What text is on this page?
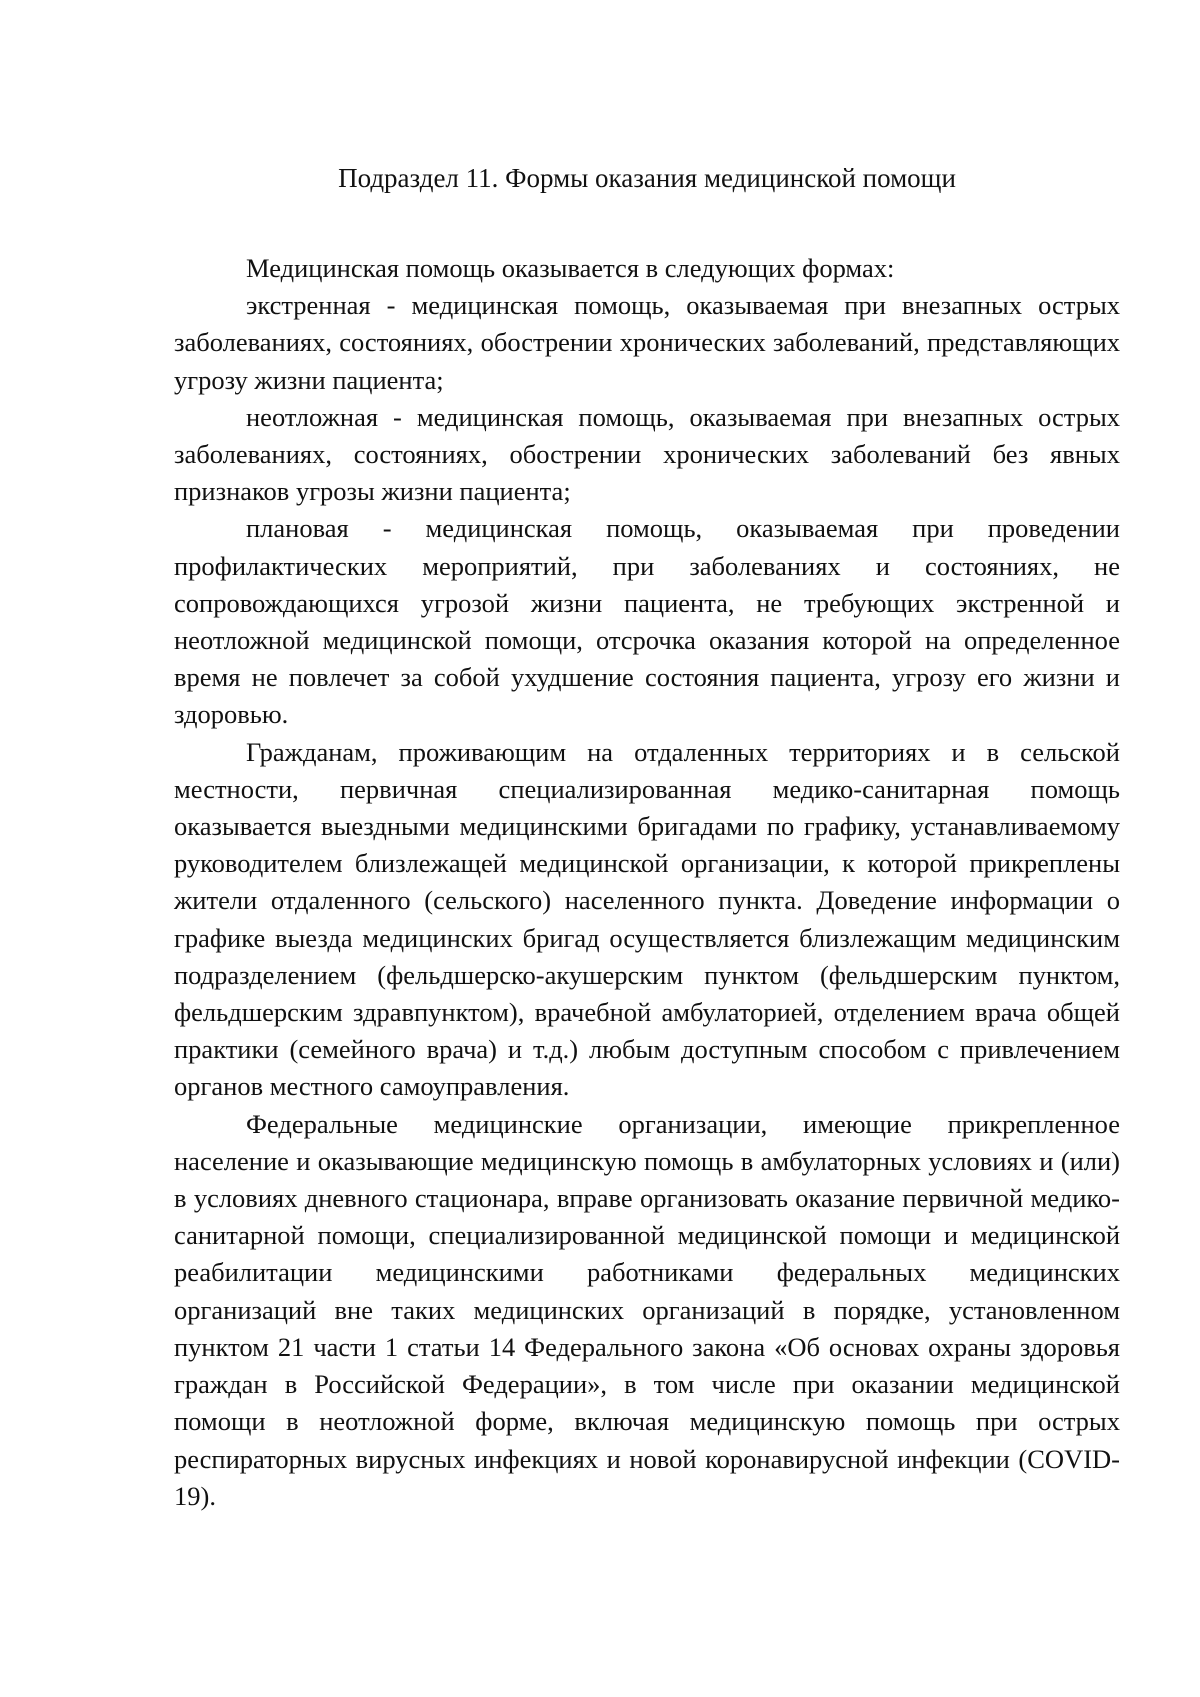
Подраздел 11. Формы оказания медицинской помощи

Медицинская помощь оказывается в следующих формах:

экстренная - медицинская помощь, оказываемая при внезапных острых заболеваниях, состояниях, обострении хронических заболеваний, представляющих угрозу жизни пациента;

неотложная - медицинская помощь, оказываемая при внезапных острых заболеваниях, состояниях, обострении хронических заболеваний без явных признаков угрозы жизни пациента;

плановая - медицинская помощь, оказываемая при проведении профилактических мероприятий, при заболеваниях и состояниях, не сопровождающихся угрозой жизни пациента, не требующих экстренной и неотложной медицинской помощи, отсрочка оказания которой на определенное время не повлечет за собой ухудшение состояния пациента, угрозу его жизни и здоровью.

Гражданам, проживающим на отдаленных территориях и в сельской местности, первичная специализированная медико-санитарная помощь оказывается выездными медицинскими бригадами по графику, устанавливаемому руководителем близлежащей медицинской организации, к которой прикреплены жители отдаленного (сельского) населенного пункта. Доведение информации о графике выезда медицинских бригад осуществляется близлежащим медицинским подразделением (фельдшерско-акушерским пунктом (фельдшерским пунктом, фельдшерским здравпунктом), врачебной амбулаторией, отделением врача общей практики (семейного врача) и т.д.) любым доступным способом с привлечением органов местного самоуправления.

Федеральные медицинские организации, имеющие прикрепленное население и оказывающие медицинскую помощь в амбулаторных условиях и (или) в условиях дневного стационара, вправе организовать оказание первичной медико-санитарной помощи, специализированной медицинской помощи и медицинской реабилитации медицинскими работниками федеральных медицинских организаций вне таких медицинских организаций в порядке, установленном пунктом 21 части 1 статьи 14 Федерального закона «Об основах охраны здоровья граждан в Российской Федерации», в том числе при оказании медицинской помощи в неотложной форме, включая медицинскую помощь при острых респираторных вирусных инфекциях и новой коронавирусной инфекции (COVID-19).
